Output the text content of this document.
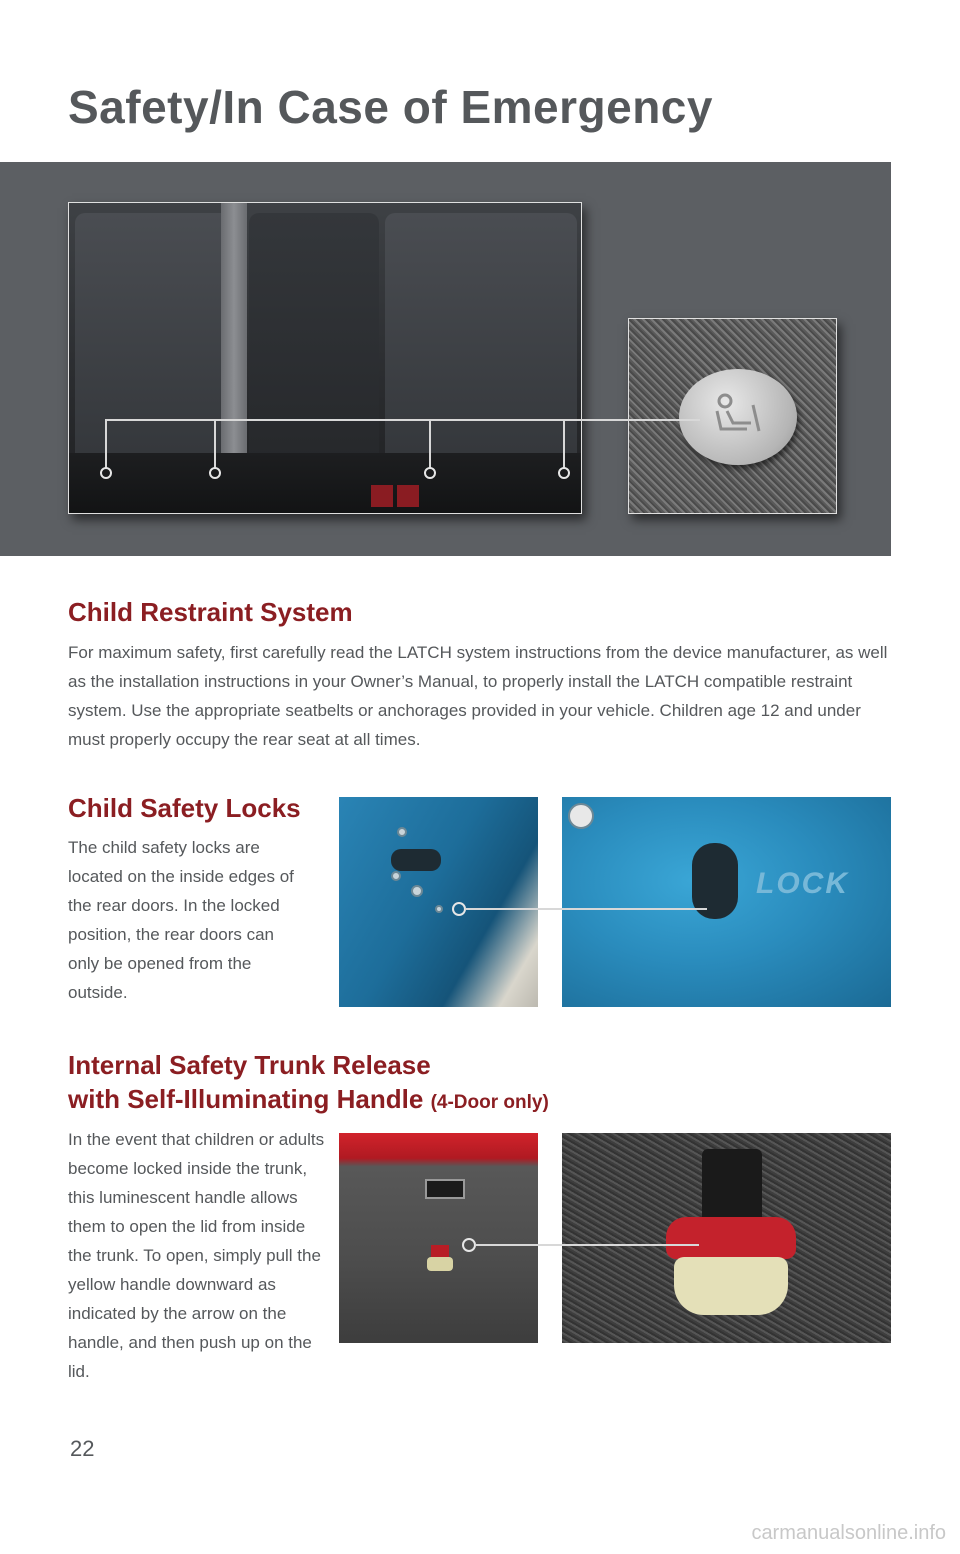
Safety/In Case of Emergency
Child Restraint System

For maximum safety, first carefully read the LATCH system instructions from the device manufacturer, as well as the installation instructions in your Owner’s Manual, to properly install the LATCH compatible restraint system. Use the appropriate seatbelts or anchorages provided in your vehicle. Children age 12 and under must properly occupy the rear seat at all times.

Child Safety Locks

The child safety locks are located on the inside edges of the rear doors. In the locked position, the rear doors can only be opened from the outside.

LOCK
Internal Safety Trunk Release
with Self-Illuminating Handle (4-Door only)

In the event that children or adults become locked inside the trunk, this luminescent handle allows them to open the lid from inside the trunk. To open, simply pull the yellow handle downward as indicated by the arrow on the handle, and then push up on the lid.

22
carmanualsonline.info
